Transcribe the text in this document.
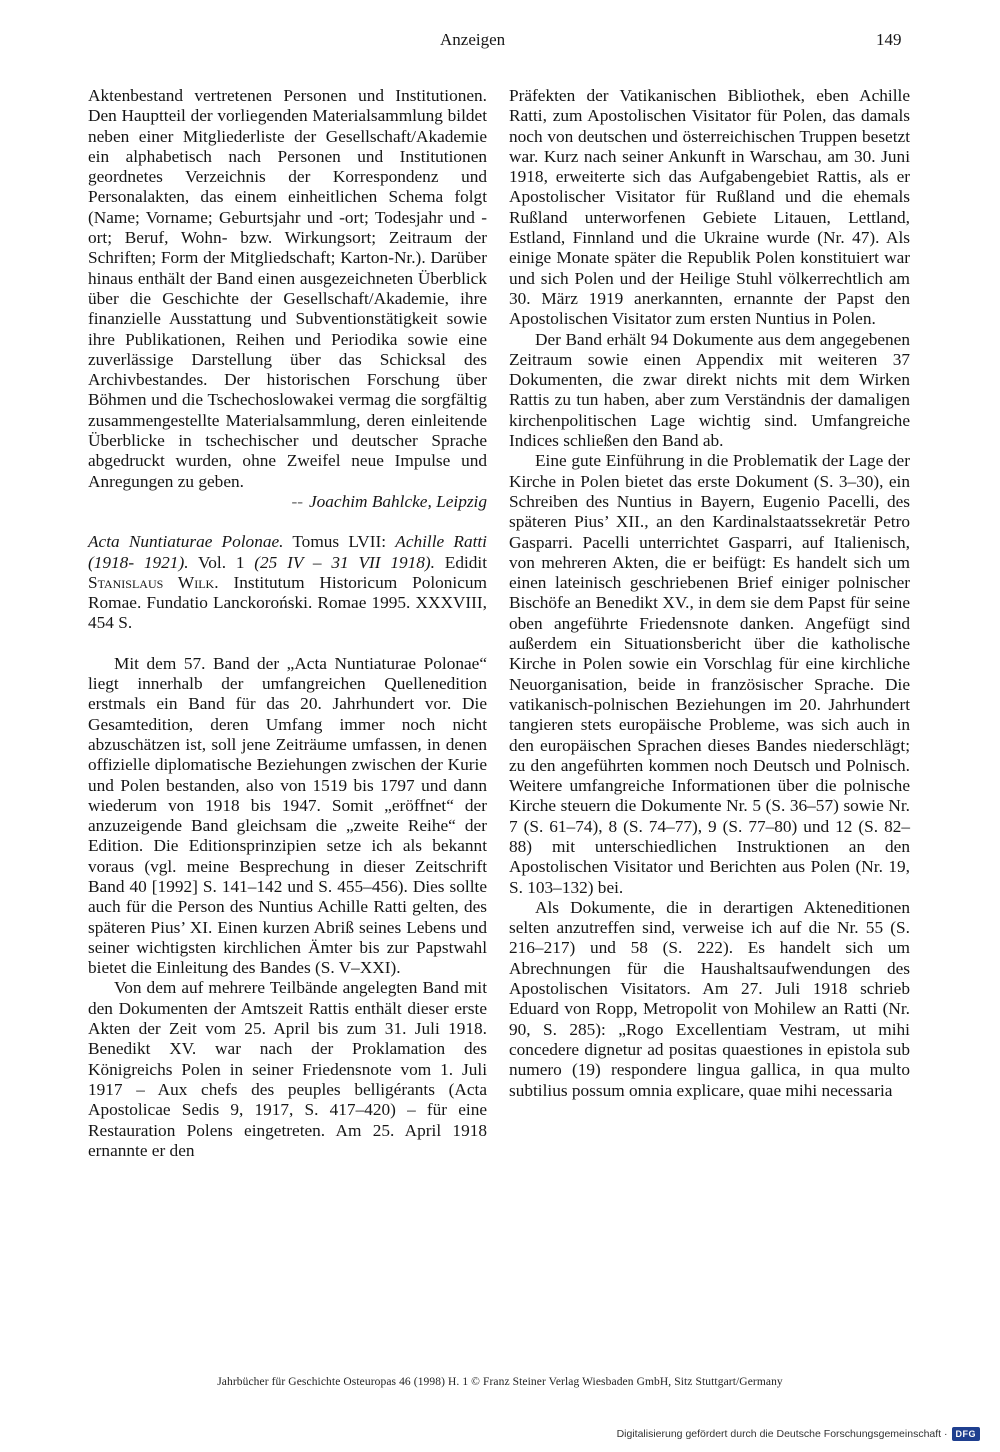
Anzeigen	149

Aktenbestand vertretenen Personen und Institutionen. Den Hauptteil der vorliegenden Materialsammlung bildet neben einer Mitgliederliste der Gesellschaft/Akademie ein alphabetisch nach Personen und Institutionen geordnetes Verzeichnis der Korrespondenz und Personalakten, das einem einheitlichen Schema folgt (Name; Vorname; Geburtsjahr und -ort; Todesjahr und -ort; Beruf, Wohn- bzw. Wirkungsort; Zeitraum der Schriften; Form der Mitgliedschaft; Karton-Nr.). Darüber hinaus enthält der Band einen ausgezeichneten Überblick über die Geschichte der Gesellschaft/Akademie, ihre finanzielle Ausstattung und Subventionstätigkeit sowie ihre Publikationen, Reihen und Periodika sowie eine zuverlässige Darstellung über das Schicksal des Archivbestandes. Der historischen Forschung über Böhmen und die Tschechoslowakei vermag die sorgfältig zusammengestellte Materialsammlung, deren einleitende Überblicke in tschechischer und deutscher Sprache abgedruckt wurden, ohne Zweifel neue Impulse und Anregungen zu geben.

-- Joachim Bahlcke, Leipzig

Acta Nuntiaturae Polonae. Tomus LVII: Achille Ratti (1918- 1921). Vol. 1 (25 IV – 31 VII 1918). Edidit Stanislaus Wilk. Institutum Historicum Polonicum Romae. Fundatio Lanckoroński. Romae 1995. XXXVIII, 454 S.

Mit dem 57. Band der „Acta Nuntiaturae Polonae“ liegt innerhalb der umfangreichen Quellenedition erstmals ein Band für das 20. Jahrhundert vor. Die Gesamtedition, deren Umfang immer noch nicht abzuschätzen ist, soll jene Zeiträume umfassen, in denen offizielle diplomatische Beziehungen zwischen der Kurie und Polen bestanden, also von 1519 bis 1797 und dann wiederum von 1918 bis 1947. Somit „eröffnet“ der anzuzeigende Band gleichsam die „zweite Reihe“ der Edition. Die Editionsprinzipien setze ich als bekannt voraus (vgl. meine Besprechung in dieser Zeitschrift Band 40 [1992] S. 141–142 und S. 455–456). Dies sollte auch für die Person des Nuntius Achille Ratti gelten, des späteren Pius’ XI. Einen kurzen Abriß seines Lebens und seiner wichtigsten kirchlichen Ämter bis zur Papstwahl bietet die Einleitung des Bandes (S. V–XXI).

Von dem auf mehrere Teilbände angelegten Band mit den Dokumenten der Amtszeit Rattis enthält dieser erste Akten der Zeit vom 25. April bis zum 31. Juli 1918. Benedikt XV. war nach der Proklamation des Königreichs Polen in seiner Friedensnote vom 1. Juli 1917 – Aux chefs des peuples belligérants (Acta Apostolicae Sedis 9, 1917, S. 417–420) – für eine Restauration Polens eingetreten. Am 25. April 1918 ernannte er den

Präfekten der Vatikanischen Bibliothek, eben Achille Ratti, zum Apostolischen Visitator für Polen, das damals noch von deutschen und österreichischen Truppen besetzt war. Kurz nach seiner Ankunft in Warschau, am 30. Juni 1918, erweiterte sich das Aufgabengebiet Rattis, als er Apostolischer Visitator für Rußland und die ehemals Rußland unterworfenen Gebiete Litauen, Lettland, Estland, Finnland und die Ukraine wurde (Nr. 47). Als einige Monate später die Republik Polen konstituiert war und sich Polen und der Heilige Stuhl völkerrechtlich am 30. März 1919 anerkannten, ernannte der Papst den Apostolischen Visitator zum ersten Nuntius in Polen.

Der Band erhält 94 Dokumente aus dem angegebenen Zeitraum sowie einen Appendix mit weiteren 37 Dokumenten, die zwar direkt nichts mit dem Wirken Rattis zu tun haben, aber zum Verständnis der damaligen kirchenpolitischen Lage wichtig sind. Umfangreiche Indices schließen den Band ab.

Eine gute Einführung in die Problematik der Lage der Kirche in Polen bietet das erste Dokument (S. 3–30), ein Schreiben des Nuntius in Bayern, Eugenio Pacelli, des späteren Pius’ XII., an den Kardinalstaatssekretär Petro Gasparri. Pacelli unterrichtet Gasparri, auf Italienisch, von mehreren Akten, die er beifügt: Es handelt sich um einen lateinisch geschriebenen Brief einiger polnischer Bischöfe an Benedikt XV., in dem sie dem Papst für seine oben angeführte Friedensnote danken. Angefügt sind außerdem ein Situationsbericht über die katholische Kirche in Polen sowie ein Vorschlag für eine kirchliche Neuorganisation, beide in französischer Sprache. Die vatikanisch-polnischen Beziehungen im 20. Jahrhundert tangieren stets europäische Probleme, was sich auch in den europäischen Sprachen dieses Bandes niederschlägt; zu den angeführten kommen noch Deutsch und Polnisch. Weitere umfangreiche Informationen über die polnische Kirche steuern die Dokumente Nr. 5 (S. 36–57) sowie Nr. 7 (S. 61–74), 8 (S. 74–77), 9 (S. 77–80) und 12 (S. 82–88) mit unterschiedlichen Instruktionen an den Apostolischen Visitator und Berichten aus Polen (Nr. 19, S. 103–132) bei.

Als Dokumente, die in derartigen Akteneditionen selten anzutreffen sind, verweise ich auf die Nr. 55 (S. 216–217) und 58 (S. 222). Es handelt sich um Abrechnungen für die Haushaltsaufwendungen des Apostolischen Visitators. Am 27. Juli 1918 schrieb Eduard von Ropp, Metropolit von Mohilew an Ratti (Nr. 90, S. 285): „Rogo Excellentiam Vestram, ut mihi concedere dignetur ad positas quaestiones in epistola sub numero (19) respondere lingua gallica, in qua multo subtilius possum omnia explicare, quae mihi necessaria

Jahrbücher für Geschichte Osteuropas 46 (1998) H. 1 © Franz Steiner Verlag Wiesbaden GmbH, Sitz Stuttgart/Germany
Digitalisierung gefördert durch die Deutsche Forschungsgemeinschaft · DFG
